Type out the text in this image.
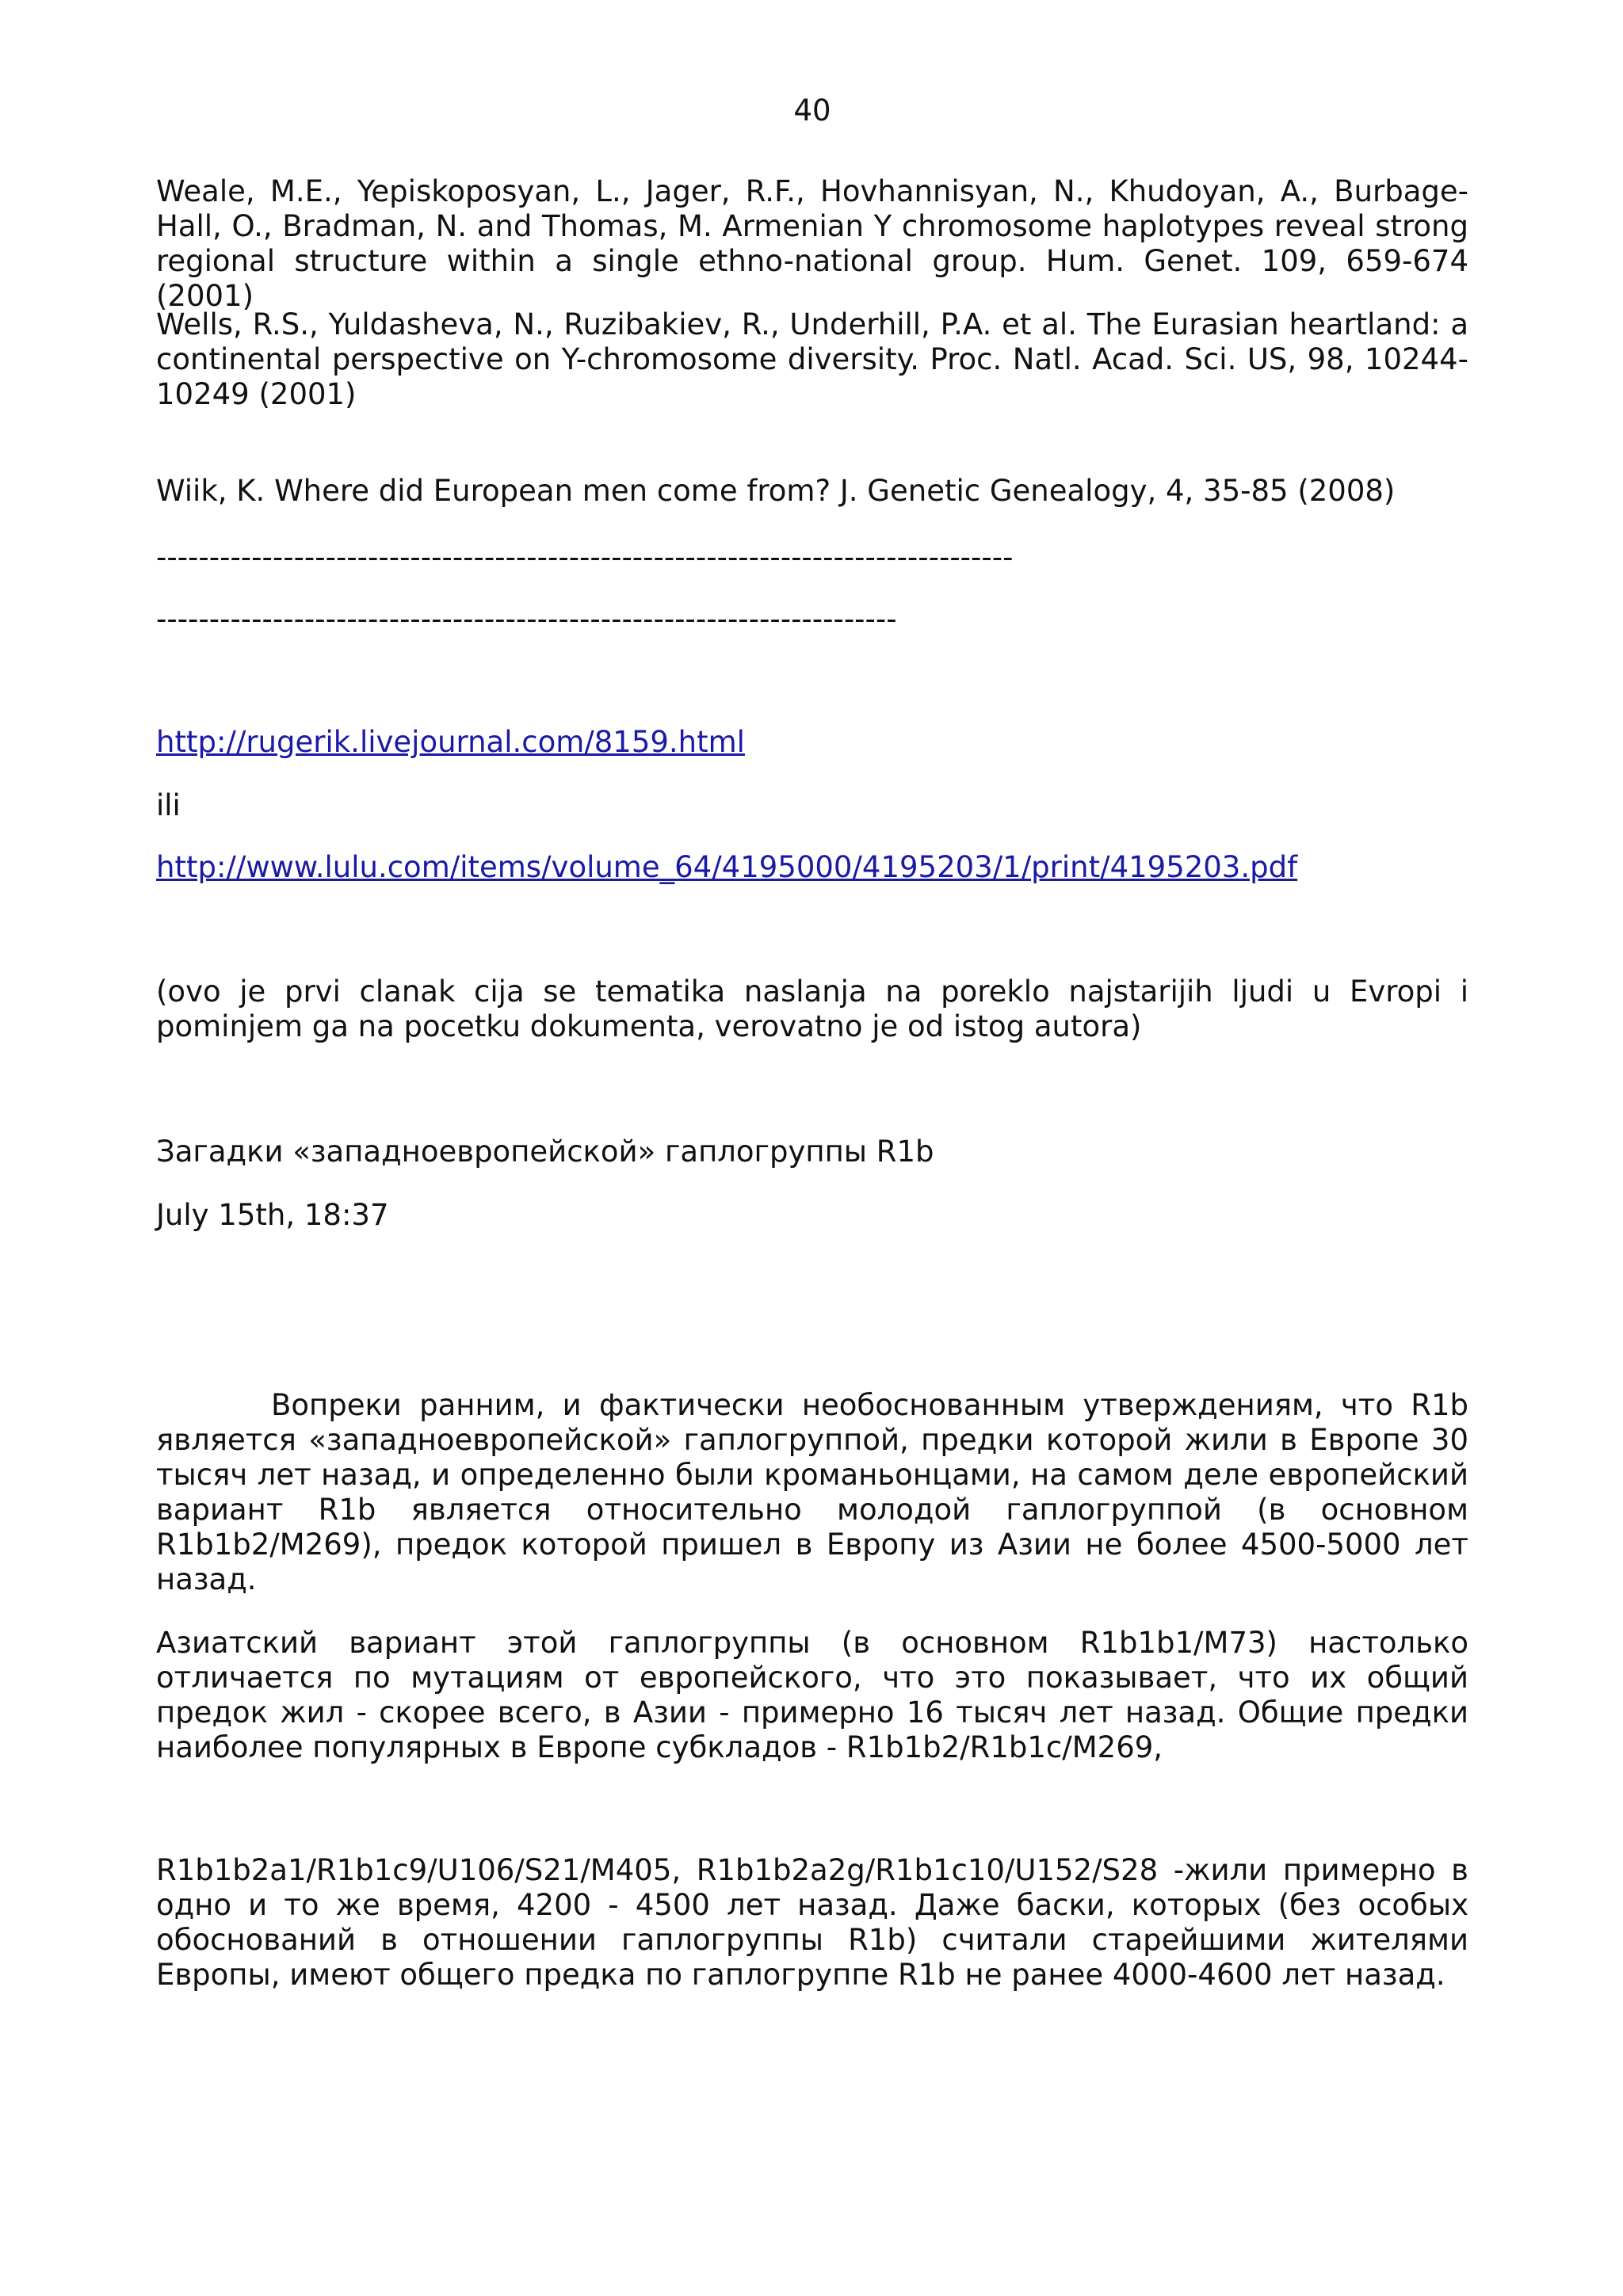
40

Weale, M.E., Yepiskoposyan, L., Jager, R.F., Hovhannisyan, N., Khudoyan, A., Burbage-Hall, O., Bradman, N. and Thomas, M. Armenian Y chromosome haplotypes reveal strong regional structure within a single ethno-national group. Hum. Genet. 109, 659-674 (2001)

Wells, R.S., Yuldasheva, N., Ruzibakiev, R., Underhill, P.A. et al. The Eurasian heartland: a continental perspective on Y-chromosome diversity. Proc. Natl. Acad. Sci. US, 98, 10244-10249 (2001)

Wiik, K. Where did European men come from? J. Genetic Genealogy, 4, 35-85 (2008)

---------------------------------------------------------------------------------
----------------------------------------------------------------------
http://rugerik.livejournal.com/8159.html

ili

http://www.lulu.com/items/volume_64/4195000/4195203/1/print/4195203.pdf

(ovo je prvi clanak cija se tematika naslanja na poreklo najstarijih ljudi u Evropi i pominjem ga na pocetku dokumenta, verovatno je od istog autora)

Загадки «западноевропейской» гаплогруппы R1b

July 15th, 18:37

Вопреки ранним, и фактически необоснованным утверждениям, что R1b является «западноевропейской» гаплогруппой, предки которой жили в Европе 30 тысяч лет назад, и определенно были кроманьонцами, на самом деле европейский вариант R1b является относительно молодой гаплогруппой (в основном R1b1b2/M269), предок которой пришел в Европу из Азии не более 4500-5000 лет назад.

Азиатский вариант этой гаплогруппы (в основном R1b1b1/M73) настолько отличается по мутациям от европейского, что это показывает, что их общий предок жил - скорее всего, в Азии - примерно 16 тысяч лет назад. Общие предки наиболее популярных в Европе субкладов - R1b1b2/R1b1c/M269,

R1b1b2a1/R1b1c9/U106/S21/M405, R1b1b2a2g/R1b1c10/U152/S28 -жили примерно в одно и то же время, 4200 - 4500 лет назад. Даже баски, которых (без особых обоснований в отношении гаплогруппы R1b) считали старейшими жителями Европы, имеют общего предка по гаплогруппе R1b не ранее 4000-4600 лет назад.
